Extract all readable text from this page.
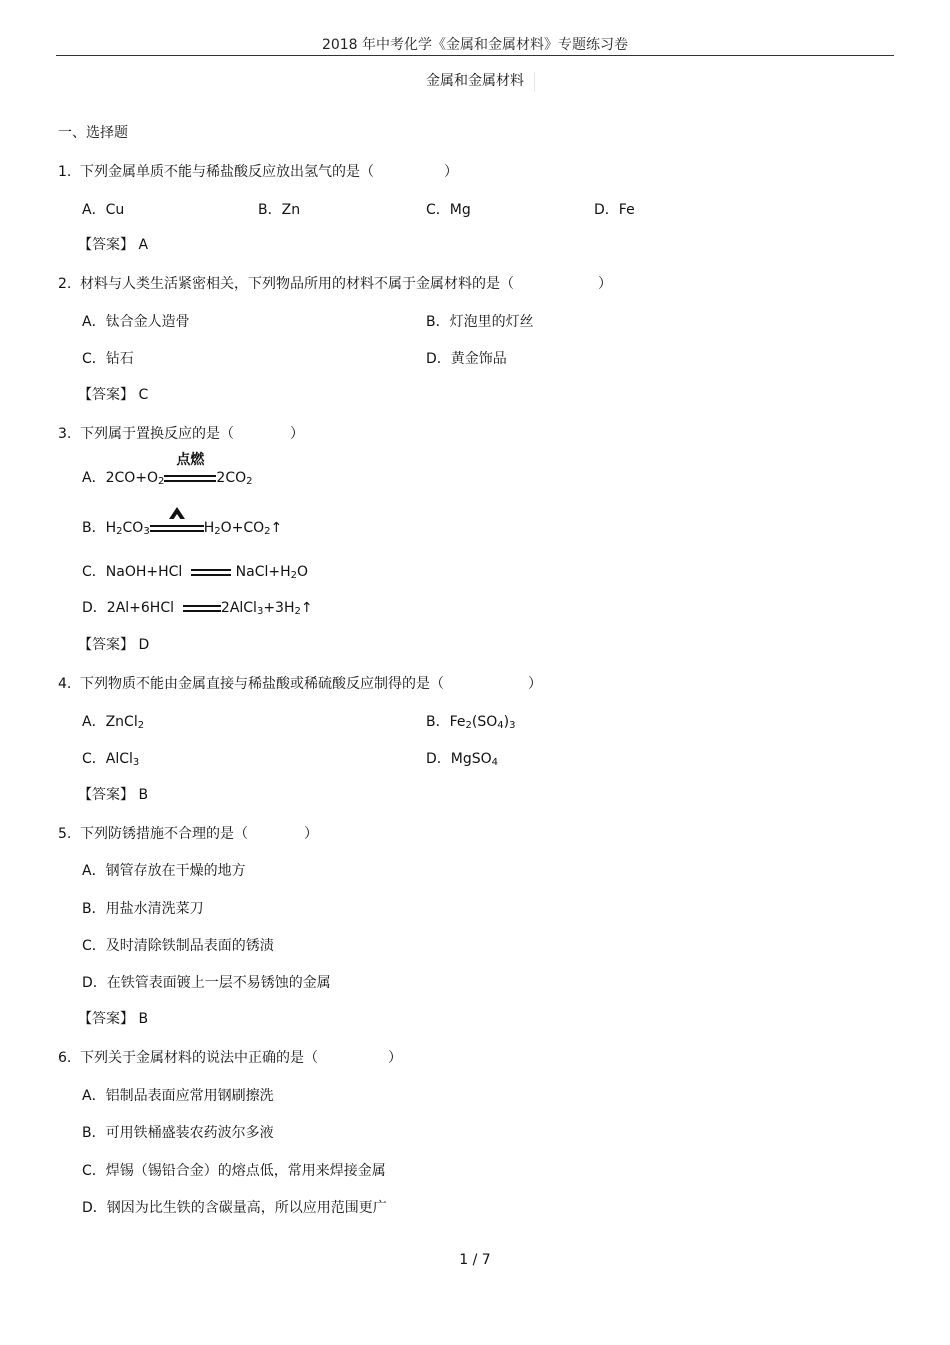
2018 年中考化学《金属和金属材料》专题练习卷
金属和金属材料
一、选择题
1. 下列金属单质不能与稀盐酸反应放出氢气的是（　　　　　）
A．Cu	B．Zn	C．Mg	D．Fe
【答案】 A
2. 材料与人类生活紧密相关，下列物品所用的材料不属于金属材料的是（　　　　　　）
A．钛合金人造骨	B．灯泡里的灯丝
C．钻石	D．黄金饰品
【答案】 C
3. 下列属于置换反应的是（　　　　）
A．$2CO+O_2$
点燃
$2CO_2$
B．$H_2CO_3$	$H_2O+CO_2↑$
C．NaOH+HCl	$NaCl+H_2O$
D．2Al+6HCl	$2AlCl_3+3H_2↑$
【答案】 D
4. 下列物质不能由金属直接与稀盐酸或稀硫酸反应制得的是（　　　　　　）
A．ZnCl$_2$	B．$Fe_2(SO_4)_3$
C．AlCl$_3$	D．MgSO$_4$
【答案】 B
5. 下列防锈措施不合理的是（　　　　）
A．钢管存放在干燥的地方
B．用盐水清洗菜刀
C．及时清除铁制品表面的锈渍
D．在铁管表面镀上一层不易锈蚀的金属
【答案】 B
6. 下列关于金属材料的说法中正确的是（　　　　　）
A．铝制品表面应常用钢刷擦洗
B．可用铁桶盛装农药波尔多液
C．焊锡（锡铅合金）的熔点低，常用来焊接金属
D．钢因为比生铁的含碳量高，所以应用范围更广
1 / 7
